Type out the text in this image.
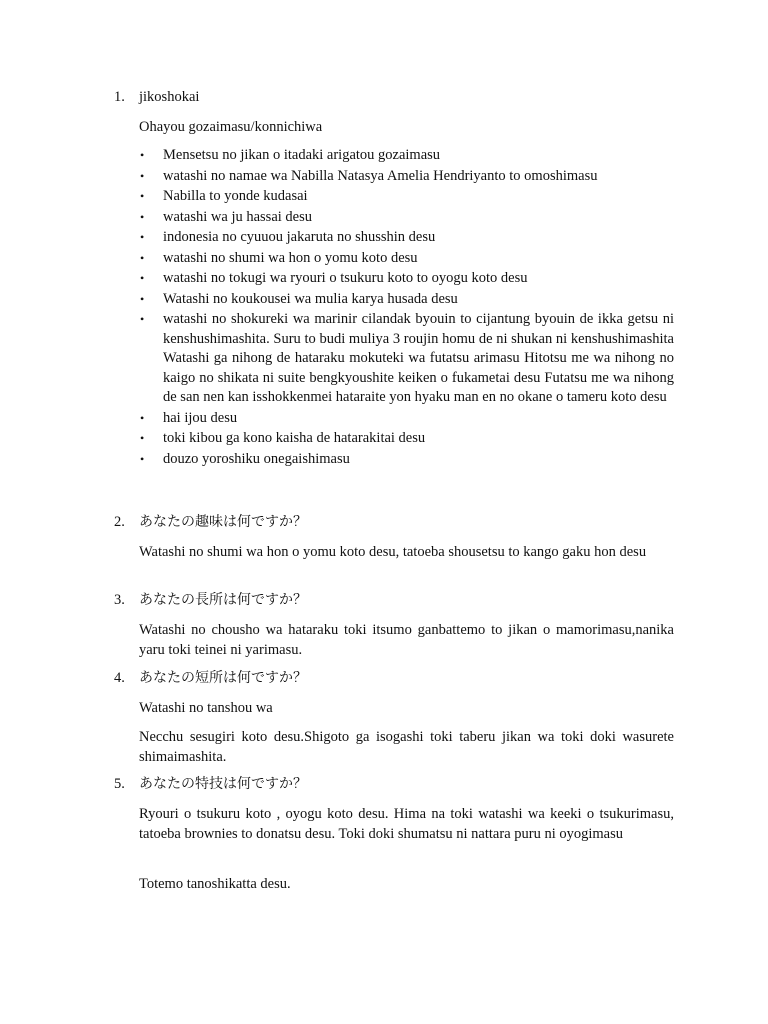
1. jikoshokai
Ohayou gozaimasu/konnichiwa
• Mensetsu no jikan o itadaki arigatou gozaimasu
• watashi no namae wa Nabilla Natasya Amelia Hendriyanto to omoshimasu
• Nabilla to yonde kudasai
• watashi wa ju hassai desu
• indonesia no cyuuou jakaruta no shusshin desu
• watashi no shumi wa hon o yomu koto desu
• watashi no tokugi wa ryouri o tsukuru koto to oyogu koto desu
• Watashi no koukousei wa mulia karya husada desu
• watashi no shokureki wa marinir cilandak byouin to cijantung byouin de ikka getsu ni kenshushimashita. Suru to budi muliya 3 roujin homu de ni shukan ni kenshushimashita Watashi ga nihong de hataraku mokuteki wa futatsu arimasu Hitotsu me wa nihong no kaigo no shikata ni suite bengkyoushite keiken o fukametai desu Futatsu me wa nihong de san nen kan isshokkenmei hataraite yon hyaku man en no okane o tameru koto desu
• hai ijou desu
• toki kibou ga kono kaisha de hatarakitai desu
• douzo yoroshiku onegaishimasu
2. あなたの趣味は何ですか？
Watashi no shumi wa hon o yomu koto desu, tatoeba shousetsu to kango gaku hon desu
3. あなたの長所は何ですか？
Watashi no chousho wa hataraku toki itsumo ganbattemo to jikan o mamorimasu,nanika yaru toki teinei ni yarimasu.
4. あなたの短所は何ですか？
Watashi no tanshou wa
Necchu sesugiri koto desu.Shigoto ga isogashi toki taberu jikan wa toki doki wasurete shimaimashita.
5. あなたの特技は何ですか？
Ryouri o tsukuru koto , oyogu koto desu. Hima na toki watashi wa keeki o tsukurimasu, tatoeba brownies to donatsu desu. Toki doki shumatsu ni nattara puru ni oyogimasu
Totemo tanoshikatta desu.
